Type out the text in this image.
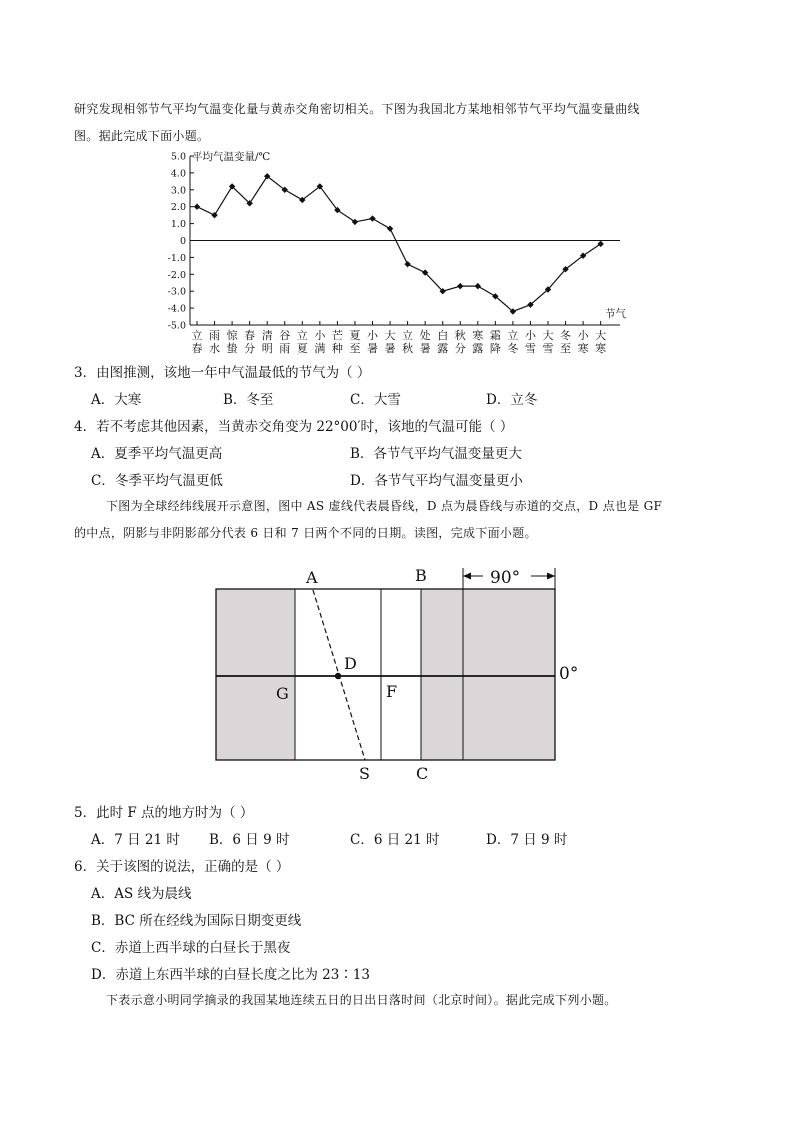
研究发现相邻节气平均气温变化量与黄赤交角密切相关。下图为我国北方某地相邻节气平均气温变量曲线
图。据此完成下面小题。
平均气温变量/℃
节气
5.0
4.0
3.0
2.0
1.0
0
-1.0
-2.0
-3.0
-4.0
-5.0
立
春
雨
水
惊
蛰
春
分
清
明
谷
雨
立
夏
小
满
芒
种
夏
至
小
暑
大
暑
立
秋
处
暑
白
露
秋
分
寒
露
霜
降
立
冬
小
雪
大
雪
冬
至
小
寒
大
寒
3．由图推测，该地一年中气温最低的节气为（ ）
A．大寒	B．冬至	C．大雪	D．立冬
4．若不考虑其他因素，当黄赤交角变为 22°00′时，该地的气温可能（ ）
A．夏季平均气温更高	B．各节气平均气温变量更大
C．冬季平均气温更低	D．各节气平均气温变量更小
下图为全球经纬线展开示意图，图中 AS 虚线代表晨昏线，D 点为晨昏线与赤道的交点，D 点也是 GF
的中点，阴影与非阴影部分代表 6 日和 7 日两个不同的日期。读图，完成下面小题。
90°
A	B
C
S
D
F
G
0°
5．此时 F 点的地方时为（ ）
A．7 日 21 时 B．6 日 9 时	C．6 日 21 时	D．7 日 9 时
6．关于该图的说法，正确的是（ ）
A．AS 线为晨线
B．BC 所在经线为国际日期变更线
C．赤道上西半球的白昼长于黑夜
D．赤道上东西半球的白昼长度之比为 23∶13
下表示意小明同学摘录的我国某地连续五日的日出日落时间（北京时间）。据此完成下列小题。
